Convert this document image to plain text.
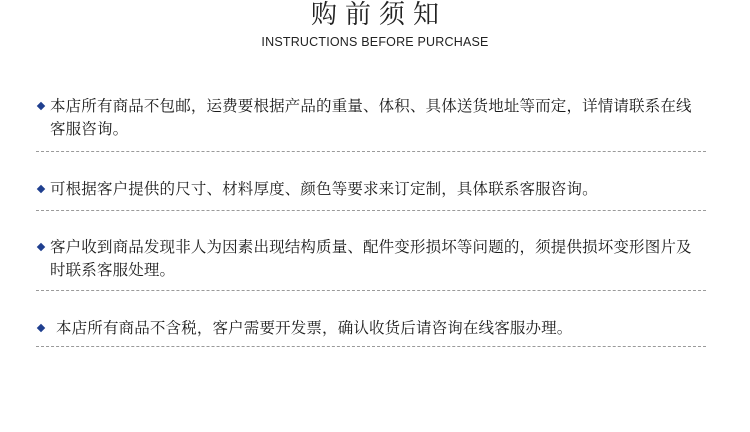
购前须知
INSTRUCTIONS BEFORE PURCHASE
本店所有商品不包邮，运费要根据产品的重量、体积、具体送货地址等而定，详情请联系在线客服咨询。
可根据客户提供的尺寸、材料厚度、颜色等要求来订定制，具体联系客服咨询。
客户收到商品发现非人为因素出现结构质量、配件变形损坏等问题的，须提供损坏变形图片及时联系客服处理。
本店所有商品不含税，客户需要开发票，确认收货后请咨询在线客服办理。
